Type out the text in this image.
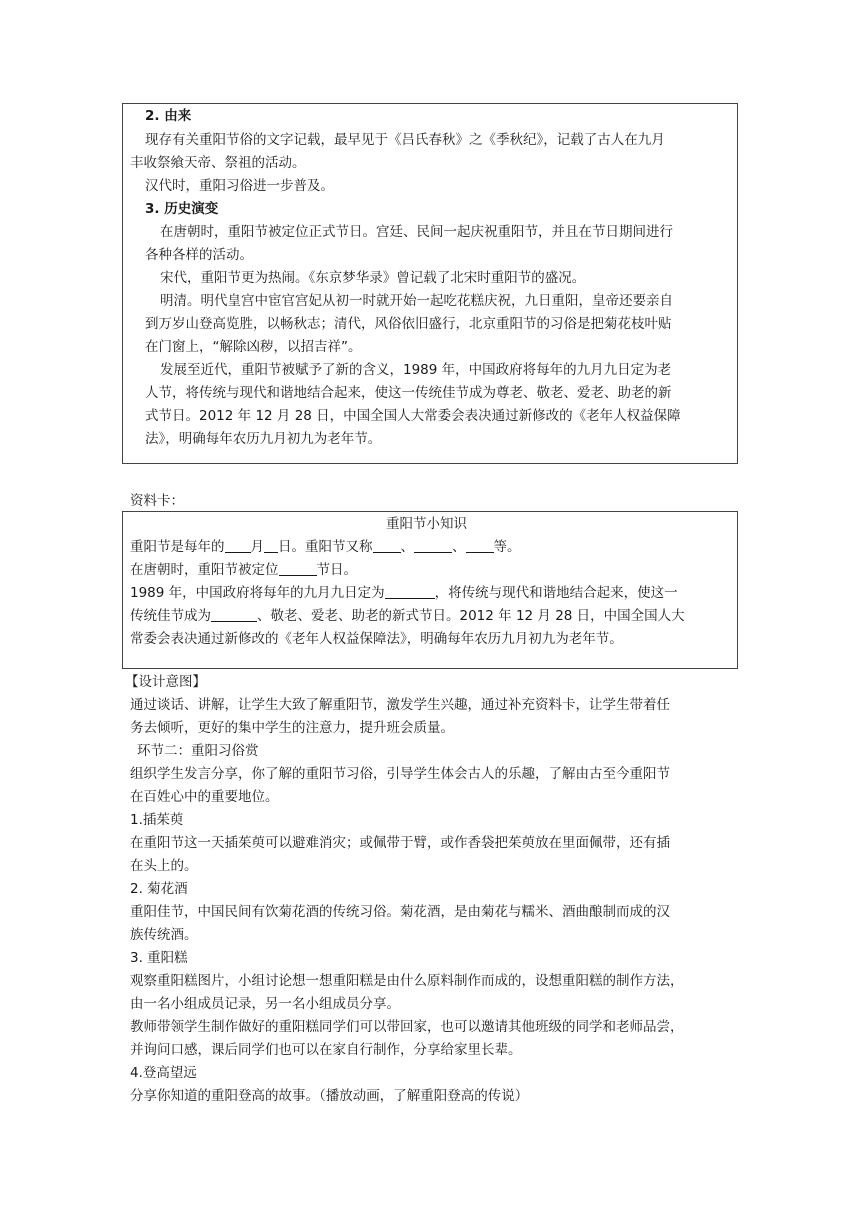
2. 由来
现存有关重阳节俗的文字记载，最早见于《吕氏春秋》之《季秋纪》，记载了古人在九月
丰收祭飨天帝、祭祖的活动。
汉代时，重阳习俗进一步普及。
3. 历史演变
在唐朝时，重阳节被定位正式节日。宫廷、民间一起庆祝重阳节，并且在节日期间进行
各种各样的活动。
宋代，重阳节更为热闹。《东京梦华录》曾记载了北宋时重阳节的盛况。
明清。明代皇宫中宦官宫妃从初一时就开始一起吃花糕庆祝，九日重阳，皇帝还要亲自
到万岁山登高览胜，以畅秋志；清代，风俗依旧盛行，北京重阳节的习俗是把菊花枝叶贴
在门窗上，“解除凶秽，以招吉祥”。
发展至近代，重阳节被赋予了新的含义，1989 年，中国政府将每年的九月九日定为老
人节，将传统与现代和谐地结合起来，使这一传统佳节成为尊老、敬老、爱老、助老的新
式节日。2012 年 12 月 28 日，中国全国人大常委会表决通过新修改的《老年人权益保障
法》，明确每年农历九月初九为老年节。
资料卡：
重阳节小知识
重阳节是每年的 月 日。重阳节又称 、	、 等。
在唐朝时，重阳节被定位	节日。
1989 年，中国政府将每年的九月九日定为	，将传统与现代和谐地结合起来，使这一
传统佳节成为	、敬老、爱老、助老的新式节日。2012 年 12 月 28 日，中国全国人大
常委会表决通过新修改的《老年人权益保障法》，明确每年农历九月初九为老年节。
【设计意图】
通过谈话、讲解，让学生大致了解重阳节，激发学生兴趣，通过补充资料卡，让学生带着任
务去倾听，更好的集中学生的注意力，提升班会质量。
环节二：重阳习俗赏
组织学生发言分享，你了解的重阳节习俗，引导学生体会古人的乐趣，了解由古至今重阳节
在百姓心中的重要地位。
1.插茱萸
在重阳节这一天插茱萸可以避难消灾；或佩带于臂，或作香袋把茱萸放在里面佩带，还有插
在头上的。
2. 菊花酒
重阳佳节，中国民间有饮菊花酒的传统习俗。菊花酒，是由菊花与糯米、酒曲酿制而成的汉
族传统酒。
3. 重阳糕
观察重阳糕图片，小组讨论想一想重阳糕是由什么原料制作而成的，设想重阳糕的制作方法，
由一名小组成员记录，另一名小组成员分享。
教师带领学生制作做好的重阳糕同学们可以带回家，也可以邀请其他班级的同学和老师品尝，
并询问口感，课后同学们也可以在家自行制作，分享给家里长辈。
4.登高望远
分享你知道的重阳登高的故事。（播放动画，了解重阳登高的传说）
